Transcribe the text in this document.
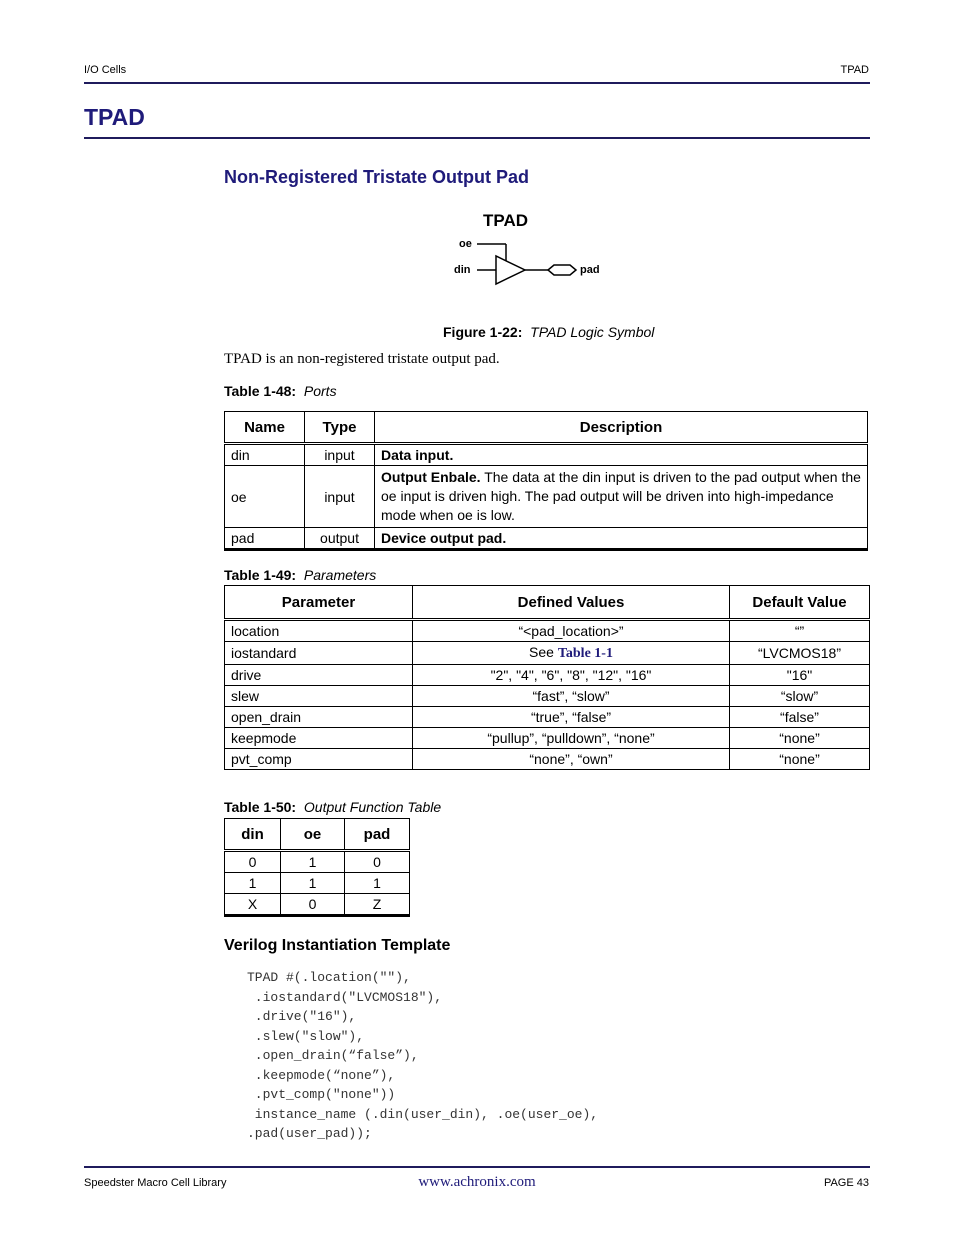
I/O Cells	TPAD
TPAD
Non-Registered Tristate Output Pad
TPAD
oe
din	pad
Figure 1-22: TPAD Logic Symbol
TPAD is an non-registered tristate output pad.
Table 1-48: Ports
Name	Type	Description
din	input	Data input.
oe	input	Output Enbale. The data at the din input is driven to the pad output when the oe input is driven high. The pad output will be driven into high-impedance mode when oe is low.
pad	output	Device output pad.
Table 1-49: Parameters
Parameter	Defined Values	Default Value
location	“<pad_location>”	“”
iostandard	See Table 1-1	“LVCMOS18”
drive	"2", "4", "6", "8", "12", "16"	"16"
slew	“fast”, “slow”	“slow”
open_drain	“true”, “false”	“false”
keepmode	“pullup”, “pulldown”, “none”	“none”
pvt_comp	“none”, “own”	“none”
Table 1-50: Output Function Table
din	oe	pad
0	1	0
1	1	1
X	0	Z
Verilog Instantiation Template
TPAD #(.location(""),
.iostandard("LVCMOS18"),
.drive("16"),
.slew("slow"),
.open_drain(“false”),
.keepmode(“none”),
.pvt_comp("none"))
instance_name (.din(user_din), .oe(user_oe),
.pad(user_pad));
Speedster Macro Cell Library	www.achronix.com	PAGE 43
